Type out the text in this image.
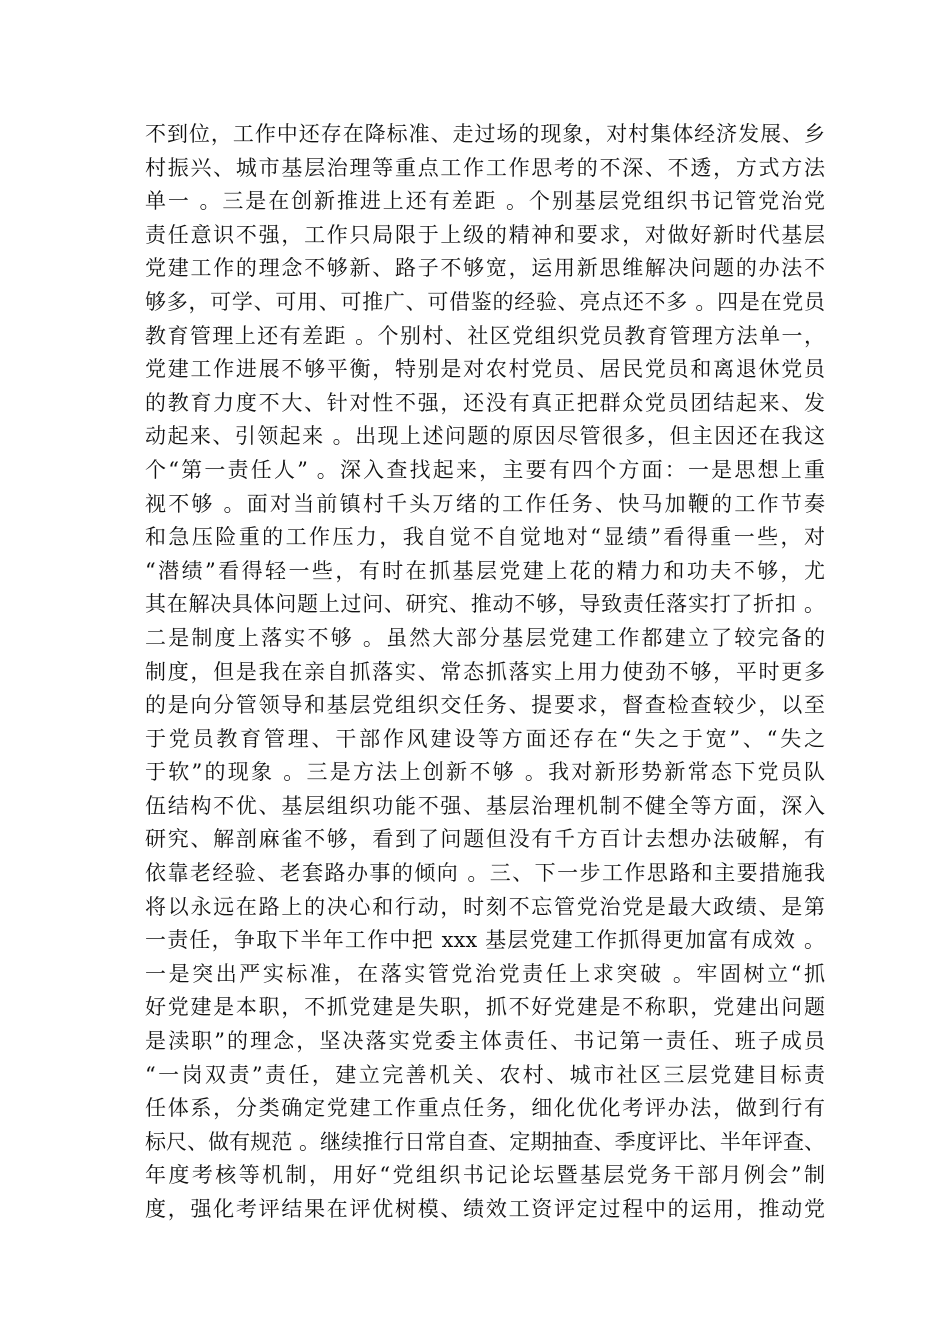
不到位，工作中还存在降标准、走过场的现象，对村集体经济发展、乡
村振兴、城市基层治理等重点工作工作思考的不深、不透，方式方法
单一 。三是在创新推进上还有差距 。个别基层党组织书记管党治党
责任意识不强，工作只局限于上级的精神和要求，对做好新时代基层
党建工作的理念不够新、路子不够宽，运用新思维解决问题的办法不
够多，可学、可用、可推广、可借鉴的经验、亮点还不多 。四是在党员
教育管理上还有差距 。个别村、社区党组织党员教育管理方法单一，
党建工作进展不够平衡，特别是对农村党员、居民党员和离退休党员
的教育力度不大、针对性不强，还没有真正把群众党员团结起来、发
动起来、引领起来 。出现上述问题的原因尽管很多，但主因还在我这
个“第一责任人” 。深入查找起来，主要有四个方面：一是思想上重
视不够 。面对当前镇村千头万绪的工作任务、快马加鞭的工作节奏
和急压险重的工作压力，我自觉不自觉地对“显绩”看得重一些，对
“潜绩”看得轻一些，有时在抓基层党建上花的精力和功夫不够，尤
其在解决具体问题上过问、研究、推动不够，导致责任落实打了折扣 。
二是制度上落实不够 。虽然大部分基层党建工作都建立了较完备的
制度，但是我在亲自抓落实、常态抓落实上用力使劲不够，平时更多
的是向分管领导和基层党组织交任务、提要求，督查检查较少，以至
于党员教育管理、干部作风建设等方面还存在“失之于宽”、“失之
于软”的现象 。三是方法上创新不够 。我对新形势新常态下党员队
伍结构不优、基层组织功能不强、基层治理机制不健全等方面，深入
研究、解剖麻雀不够，看到了问题但没有千方百计去想办法破解，有
依靠老经验、老套路办事的倾向 。三、下一步工作思路和主要措施我
将以永远在路上的决心和行动，时刻不忘管党治党是最大政绩、是第
一责任，争取下半年工作中把 xxx 基层党建工作抓得更加富有成效 。
一是突出严实标准，在落实管党治党责任上求突破 。牢固树立“抓
好党建是本职，不抓党建是失职，抓不好党建是不称职，党建出问题
是渎职”的理念，坚决落实党委主体责任、书记第一责任、班子成员
“一岗双责”责任，建立完善机关、农村、城市社区三层党建目标责
任体系，分类确定党建工作重点任务，细化优化考评办法，做到行有
标尺、做有规范 。继续推行日常自查、定期抽查、季度评比、半年评查、
年度考核等机制，用好“党组织书记论坛暨基层党务干部月例会”制
度，强化考评结果在评优树模、绩效工资评定过程中的运用，推动党
